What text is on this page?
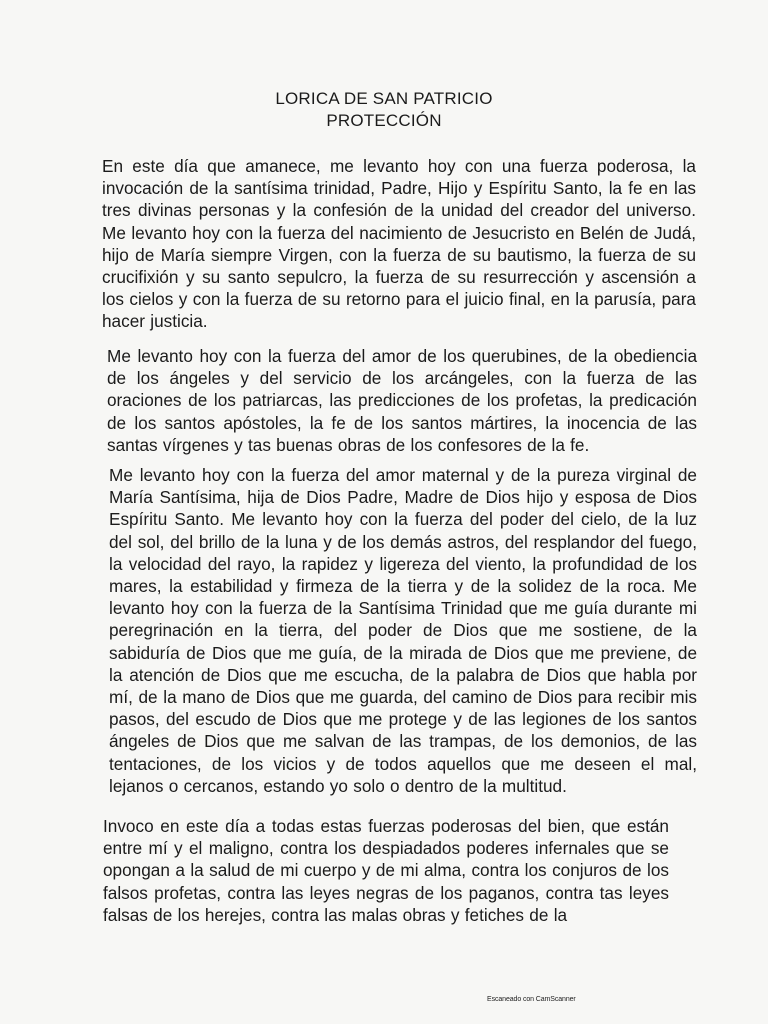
LORICA DE SAN PATRICIO
PROTECCIÓN
En este día que amanece, me levanto hoy con una fuerza poderosa, la invocación de la santísima trinidad, Padre, Hijo y Espíritu Santo, la fe en las tres divinas personas y la confesión de la unidad del creador del universo. Me levanto hoy con la fuerza del nacimiento de Jesucristo en Belén de Judá, hijo de María siempre Virgen, con la fuerza de su bautismo, la fuerza de su crucifixión y su santo sepulcro, la fuerza de su resurrección y ascensión a los cielos y con la fuerza de su retorno para el juicio final, en la parusía, para hacer justicia.
Me levanto hoy con la fuerza del amor de los querubines, de la obediencia de los ángeles y del servicio de los arcángeles, con la fuerza de las oraciones de los patriarcas, las predicciones de los profetas, la predicación de los santos apóstoles, la fe de los santos mártires, la inocencia de las santas vírgenes y tas buenas obras de los confesores de la fe.
Me levanto hoy con la fuerza del amor maternal y de la pureza virginal de María Santísima, hija de Dios Padre, Madre de Dios hijo y esposa de Dios Espíritu Santo. Me levanto hoy con la fuerza del poder del cielo, de la luz del sol, del brillo de la luna y de los demás astros, del resplandor del fuego, la velocidad del rayo, la rapidez y ligereza del viento, la profundidad de los mares, la estabilidad y firmeza de la tierra y de la solidez de la roca. Me levanto hoy con la fuerza de la Santísima Trinidad que me guía durante mi peregrinación en la tierra, del poder de Dios que me sostiene, de la sabiduría de Dios que me guía, de la mirada de Dios que me previene, de la atención de Dios que me escucha, de la palabra de Dios que habla por mí, de la mano de Dios que me guarda, del camino de Dios para recibir mis pasos, del escudo de Dios que me protege y de las legiones de los santos ángeles de Dios que me salvan de las trampas, de los demonios, de las tentaciones, de los vicios y de todos aquellos que me deseen el mal, lejanos o cercanos, estando yo solo o dentro de la multitud.
Invoco en este día a todas estas fuerzas poderosas del bien, que están entre mí y el maligno, contra los despiadados poderes infernales que se opongan a la salud de mi cuerpo y de mi alma, contra los conjuros de los falsos profetas, contra las leyes negras de los paganos, contra tas leyes falsas de los herejes, contra las malas obras y fetiches de la
Escaneado con CamScanner
